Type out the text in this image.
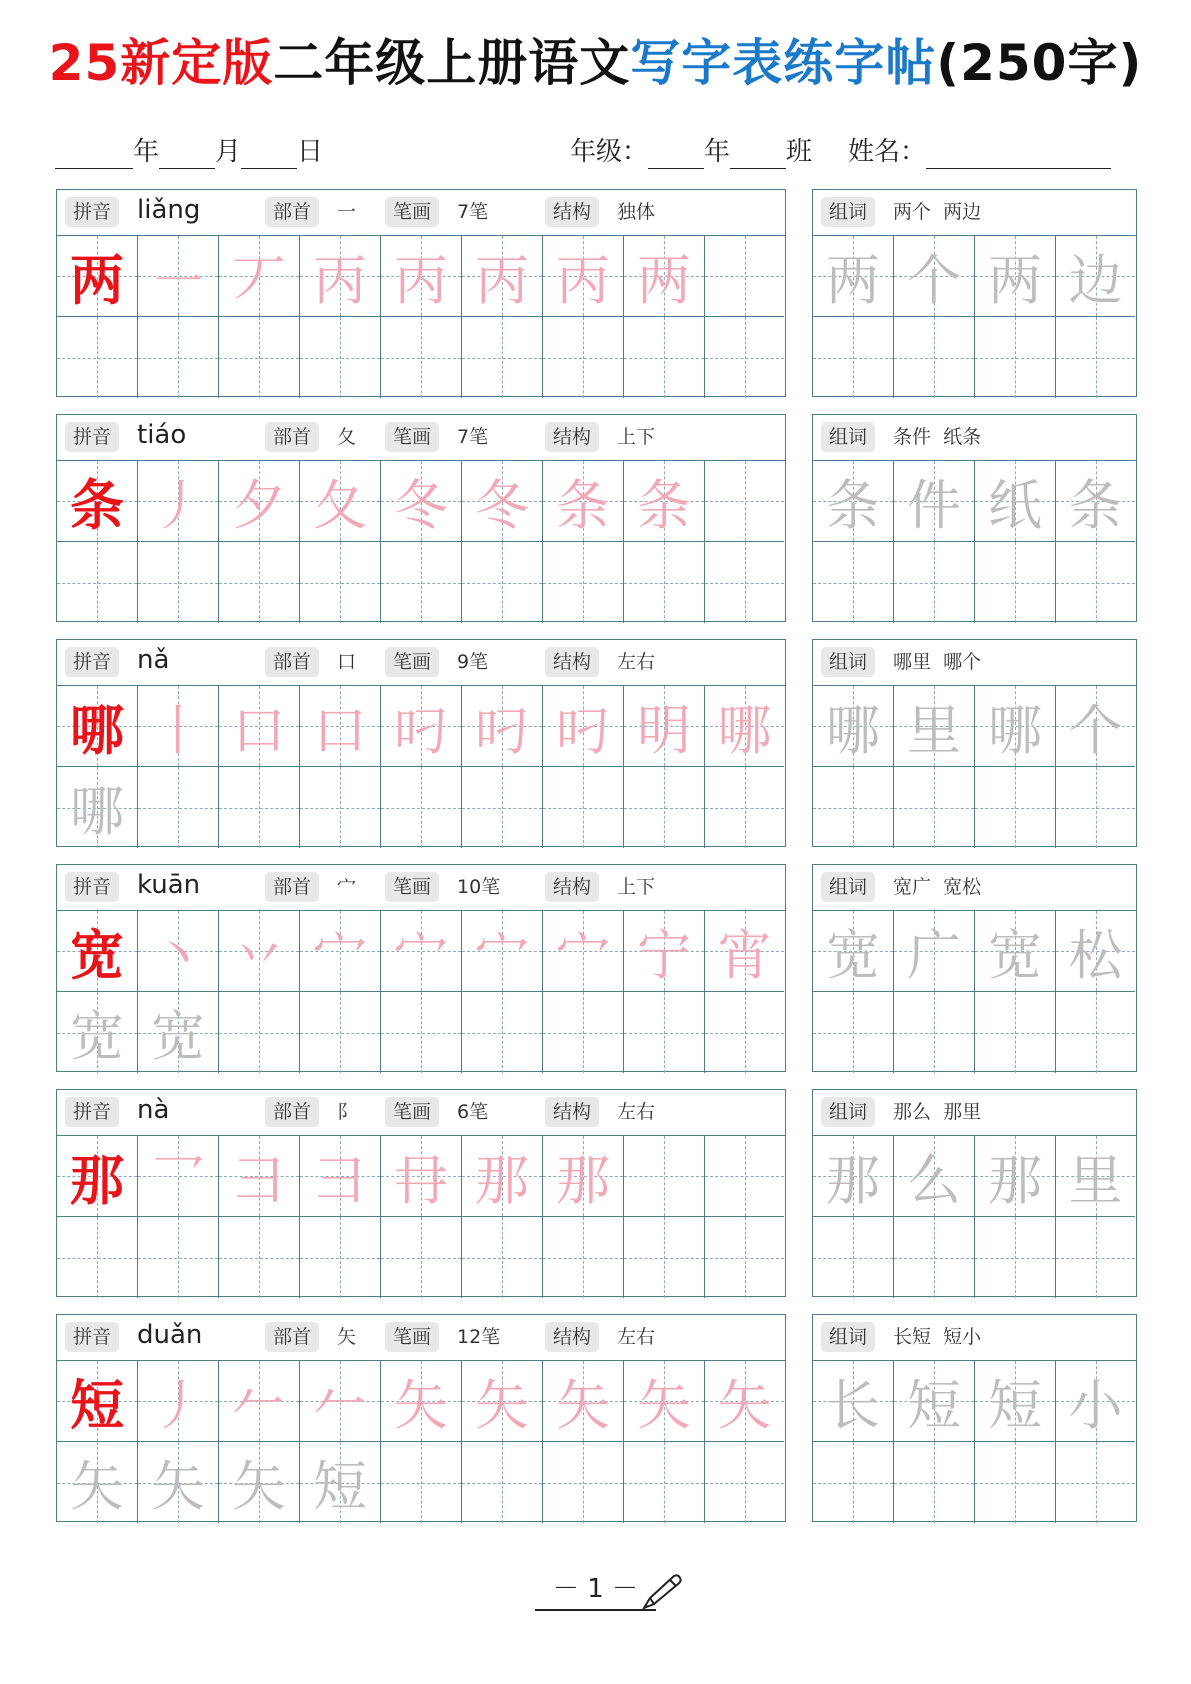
25新定版二年级上册语文写字表练字帖(250字)
年 月 日	年级： 年 班 姓名：
拼音 liǎng	部首	一	笔画	7笔	结构	独体
两 ㇐ 丆 丙 丙 丙 丙 两
组词	两个  两边
两 个 两 边
拼音 tiáo	部首	夂	笔画	7笔	结构	上下
条 丿 夕 夂 冬 冬 条 条
组词	条件  纸条
条 件 纸 条
拼音 nǎ	部首	口	笔画	9笔	结构	左右
哪 丨 口 口 叼 叼 叼 明 哪
哪
组词	哪里  哪个
哪 里 哪 个
拼音 kuān	部首	宀	笔画	10笔	结构	上下
宽 丶 丷 宀 宀 宀 宀 宁 宵
宽 宽
组词	宽广  宽松
宽 广 宽 松
拼音 nà	部首	阝	笔画	6笔	结构	左右
那 乛 彐 彐 冄 那 那
组词	那么  那里
那 么 那 里
拼音 duǎn	部首	矢	笔画	12笔	结构	左右
短 丿 𠂉 𠂉 矢 矢 矢 矢 矢
矢 矢 矢 短
组词	长短  短小
长 短 短 小
－ 1 －
